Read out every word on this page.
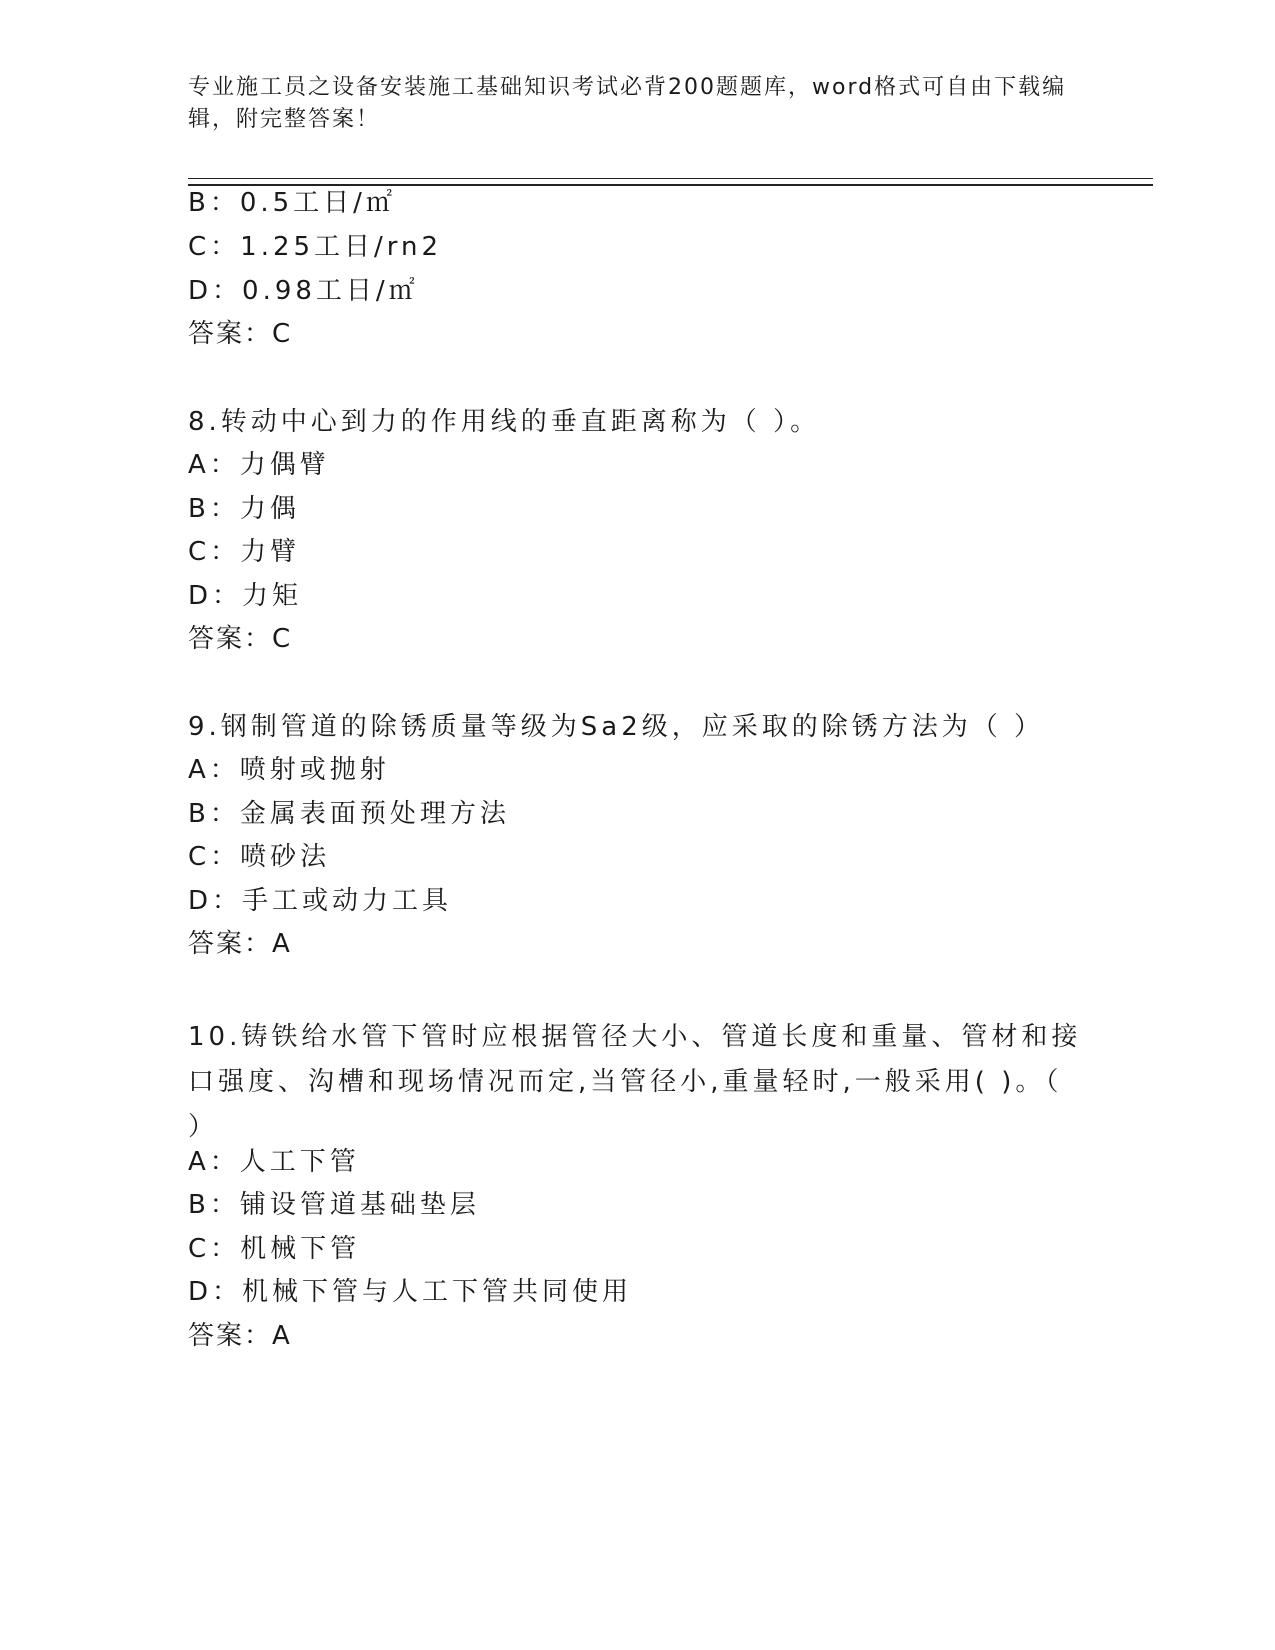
专业施工员之设备安装施工基础知识考试必背200题题库，word格式可自由下载编辑，附完整答案！
B：0.5工日/㎡
C：1.25工日/rn2
D：0.98工日/㎡
答案：C
8.转动中心到力的作用线的垂直距离称为（ ）。
A：力偶臂
B：力偶
C：力臂
D：力矩
答案：C
9.钢制管道的除锈质量等级为Sa2级，应采取的除锈方法为（ ）
A：喷射或抛射
B：金属表面预处理方法
C：喷砂法
D：手工或动力工具
答案：A
10.铸铁给水管下管时应根据管径大小、管道长度和重量、管材和接口强度、沟槽和现场情况而定,当管径小,重量轻时,一般采用( )。（ ）
A：人工下管
B：铺设管道基础垫层
C：机械下管
D：机械下管与人工下管共同使用
答案：A
